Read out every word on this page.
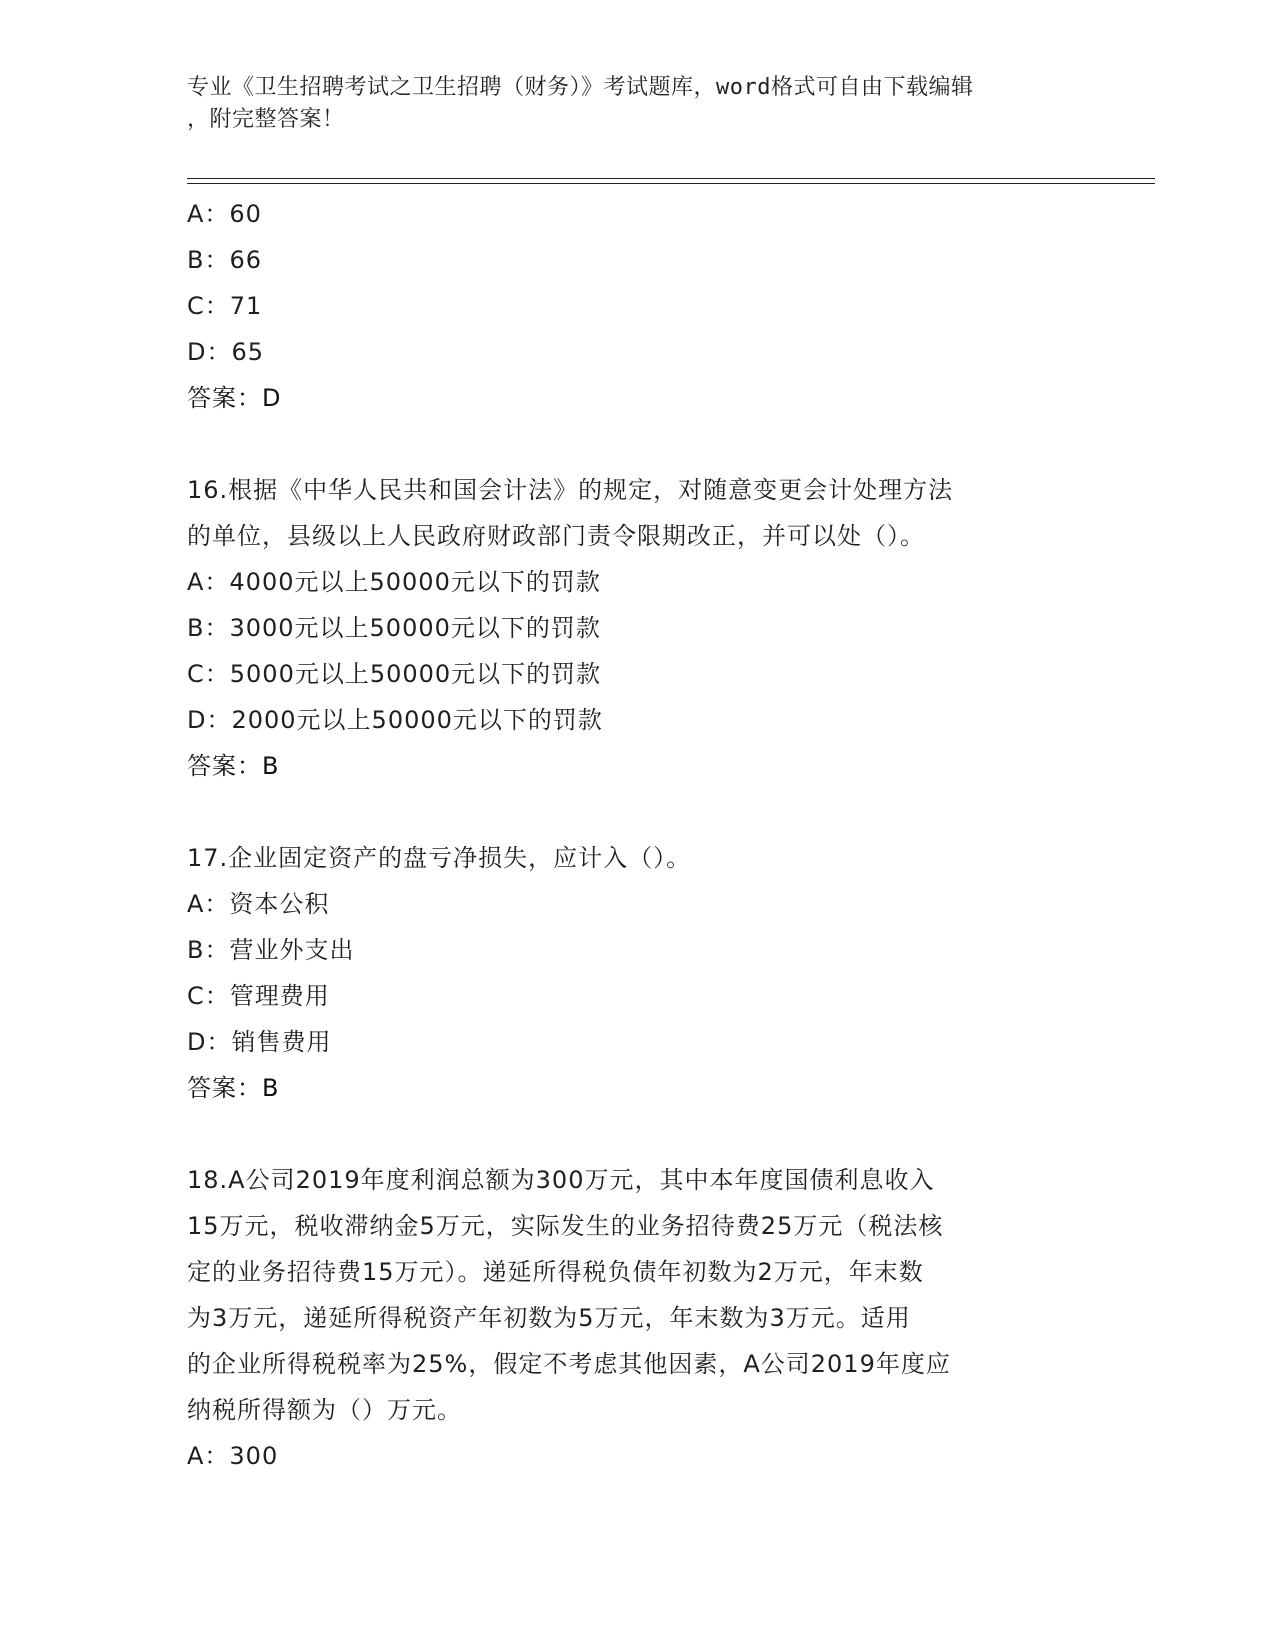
专业《卫生招聘考试之卫生招聘（财务）》考试题库，word格式可自由下载编辑
，附完整答案！
A：60
B：66
C：71
D：65
答案：D
16.根据《中华人民共和国会计法》的规定，对随意变更会计处理方法
的单位，县级以上人民政府财政部门责令限期改正，并可以处（）。
A：4000元以上50000元以下的罚款
B：3000元以上50000元以下的罚款
C：5000元以上50000元以下的罚款
D：2000元以上50000元以下的罚款
答案：B
17.企业固定资产的盘亏净损失，应计入（）。
A：资本公积
B：营业外支出
C：管理费用
D：销售费用
答案：B
18.A公司2019年度利润总额为300万元，其中本年度国债利息收入
15万元，税收滞纳金5万元，实际发生的业务招待费25万元（税法核
定的业务招待费15万元）。递延所得税负债年初数为2万元，年末数
为3万元，递延所得税资产年初数为5万元，年末数为3万元。适用
的企业所得税税率为25%，假定不考虑其他因素，A公司2019年度应
纳税所得额为（）万元。
A：300
